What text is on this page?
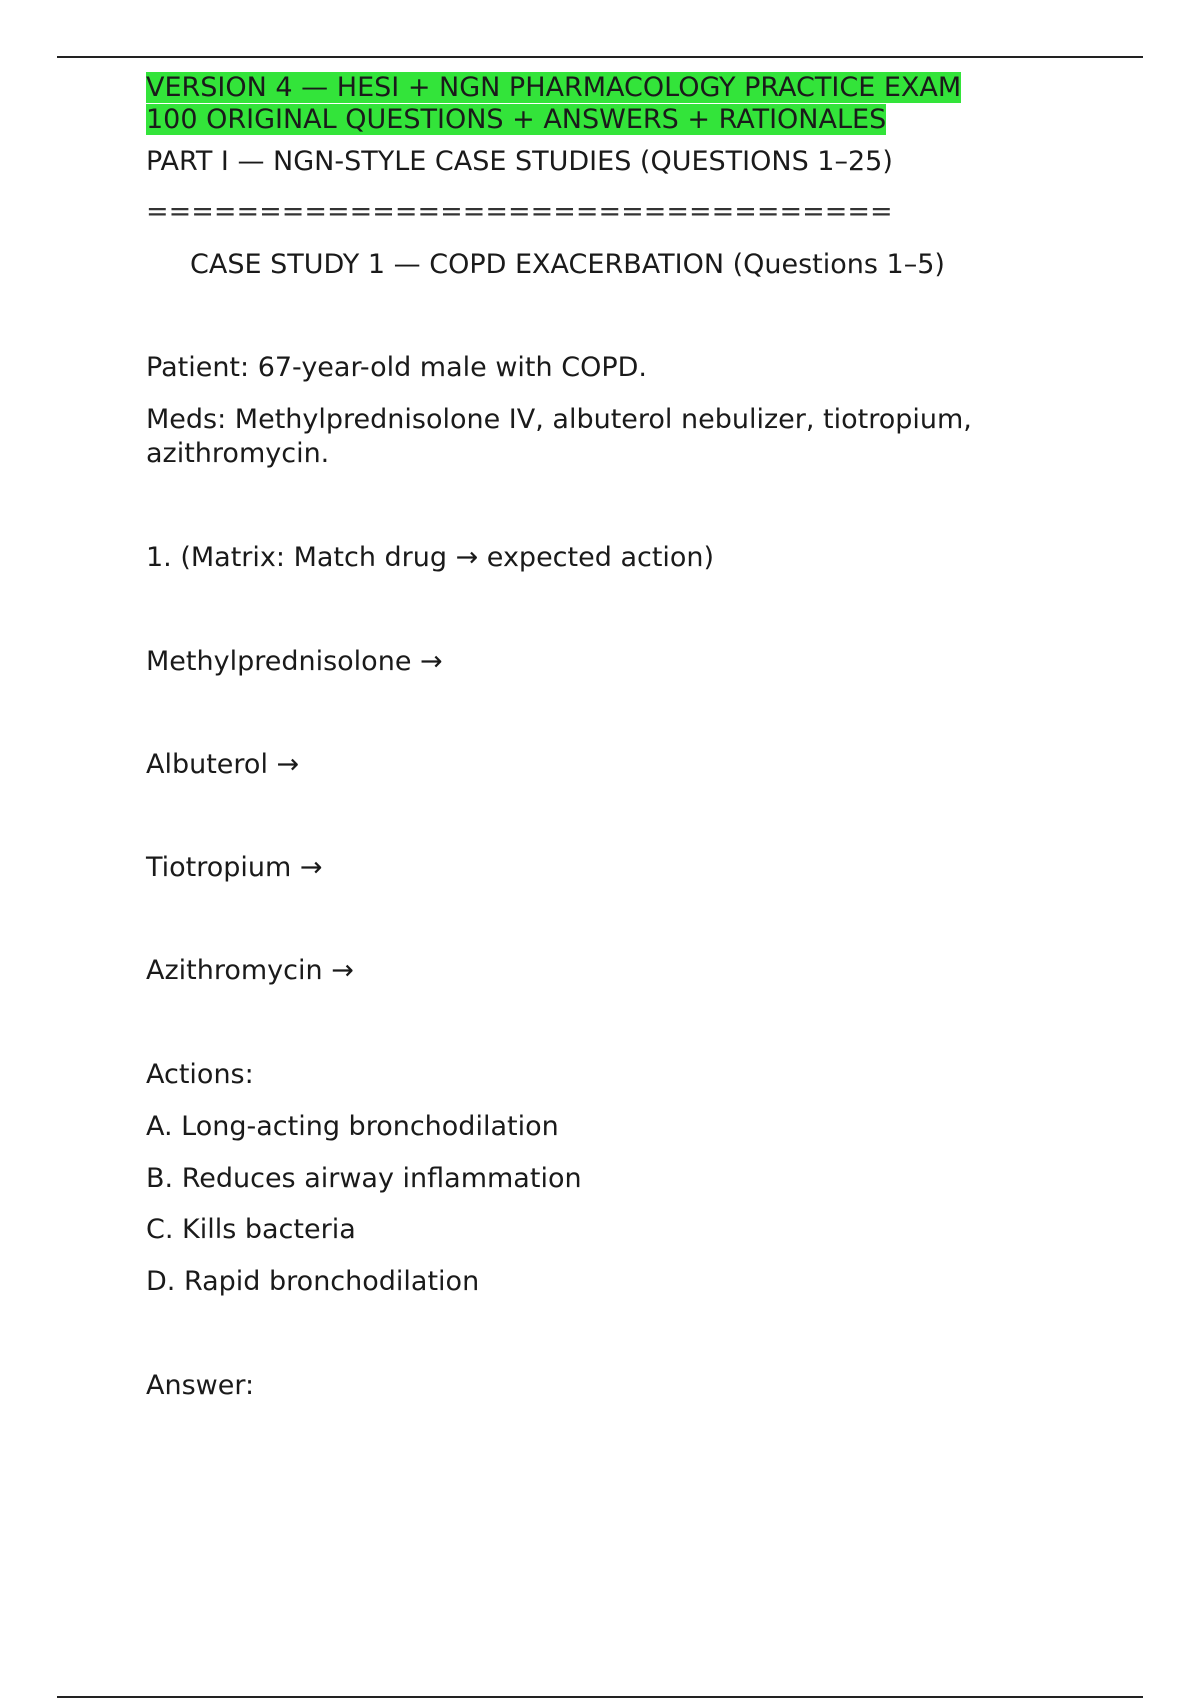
VERSION 4 — HESI + NGN PHARMACOLOGY PRACTICE EXAM
100 ORIGINAL QUESTIONS + ANSWERS + RATIONALES
PART I — NGN-STYLE CASE STUDIES (QUESTIONS 1–25)
=================================
CASE STUDY 1 — COPD EXACERBATION (Questions 1–5)
Patient: 67-year-old male with COPD.
Meds: Methylprednisolone IV, albuterol nebulizer, tiotropium, azithromycin.
1. (Matrix: Match drug → expected action)
Methylprednisolone →
Albuterol →
Tiotropium →
Azithromycin →
Actions:
A. Long-acting bronchodilation
B. Reduces airway inflammation
C. Kills bacteria
D. Rapid bronchodilation
Answer:
